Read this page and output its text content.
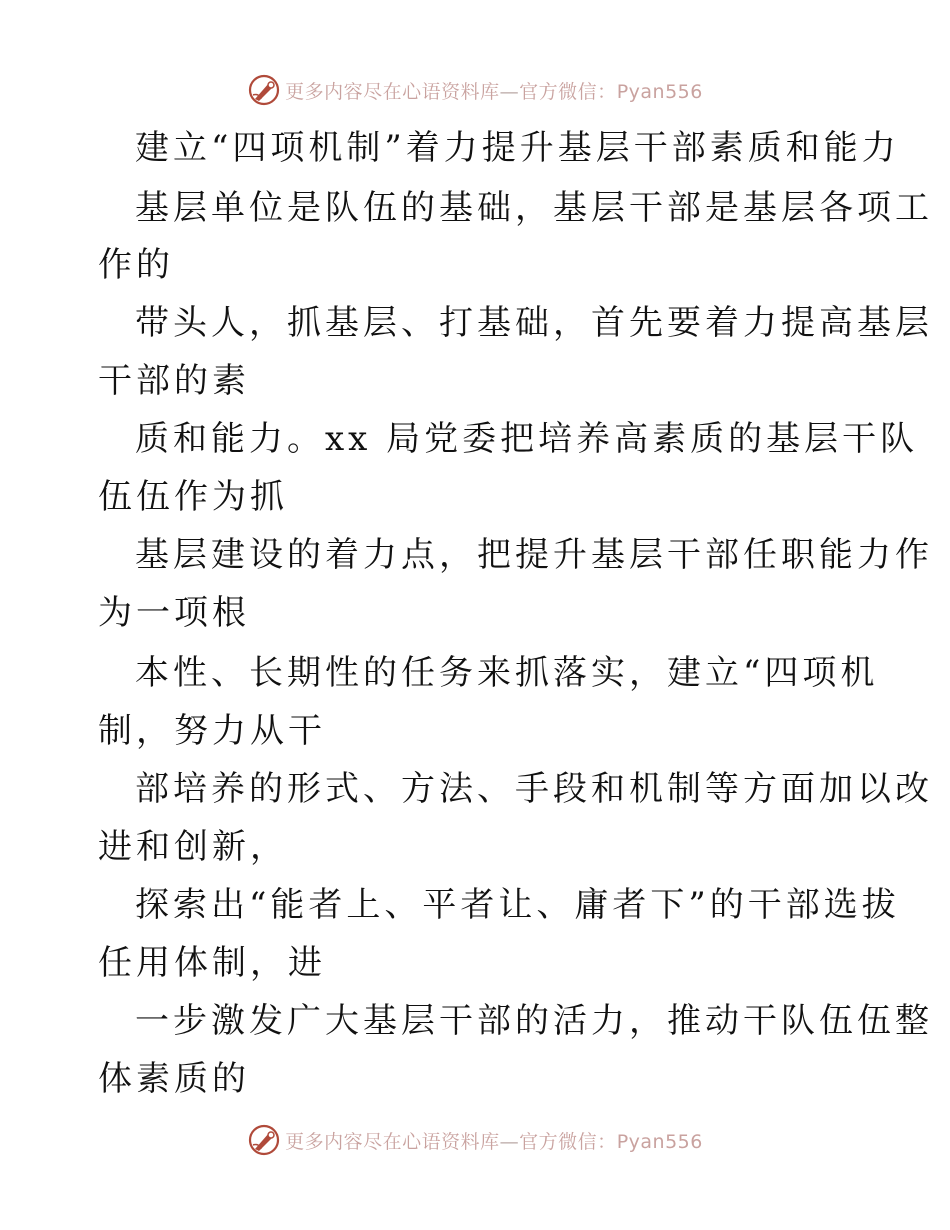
更多内容尽在心语资料库—官方微信：Pyan556
建立“四项机制”着力提升基层干部素质和能力
基层单位是队伍的基础，基层干部是基层各项工
作的
带头人，抓基层、打基础，首先要着力提高基层
干部的素
质和能力。xx 局党委把培养高素质的基层干队
伍伍作为抓
基层建设的着力点，把提升基层干部任职能力作
为一项根
本性、长期性的任务来抓落实，建立“四项机
制，努力从干
部培养的形式、方法、手段和机制等方面加以改
进和创新，
探索出“能者上、平者让、庸者下”的干部选拔
任用体制，进
一步激发广大基层干部的活力，推动干队伍伍整
体素质的
更多内容尽在心语资料库—官方微信：Pyan556
